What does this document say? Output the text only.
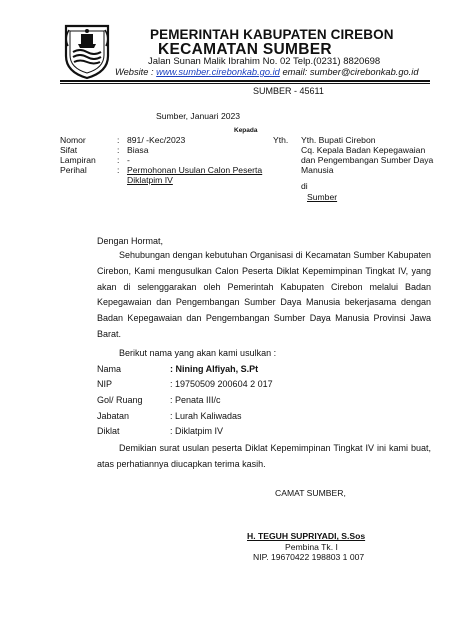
PEMERINTAH KABUPATEN CIREBON
KECAMATAN SUMBER
Jalan Sunan Malik Ibrahim No. 02 Telp.(0231) 8820698
Website : www.sumber.cirebonkab.go.id email: sumber@cirebonkab.go.id
SUMBER - 45611
Sumber, Januari 2023
Kepada
Nomor	: 891/ -Kec/2023
Sifat	: Biasa
Lampiran : -
Perihal	: Permohonan Usulan Calon Peserta
Diklatpim IV
Yth. Yth. Bupati Cirebon
Cq. Kepala Badan Kepegawaian
dan Pengembangan Sumber Daya
Manusia
di
Sumber
Dengan Hormat,
Sehubungan dengan kebutuhan Organisasi di Kecamatan Sumber Kabupaten Cirebon, Kami mengusulkan Calon Peserta Diklat Kepemimpinan Tingkat IV, yang akan di selenggarakan oleh Pemerintah Kabupaten Cirebon melalui Badan Kepegawaian dan Pengembangan Sumber Daya Manusia bekerjasama dengan Badan Kepegawaian dan Pengembangan Sumber Daya Manusia Provinsi Jawa Barat.
Berikut nama yang akan kami usulkan :
Nama	: Nining Alfiyah, S.Pt
NIP	: 19750509 200604 2 017
Gol/ Ruang	: Penata III/c
Jabatan	: Lurah Kaliwadas
Diklat	: Diklatpim IV
Demikian surat usulan peserta Diklat Kepemimpinan Tingkat IV ini kami buat, atas perhatiannya diucapkan terima kasih.
CAMAT SUMBER,
H. TEGUH SUPRIYADI, S.Sos
Pembina Tk. I
NIP. 19670422 198803 1 007
